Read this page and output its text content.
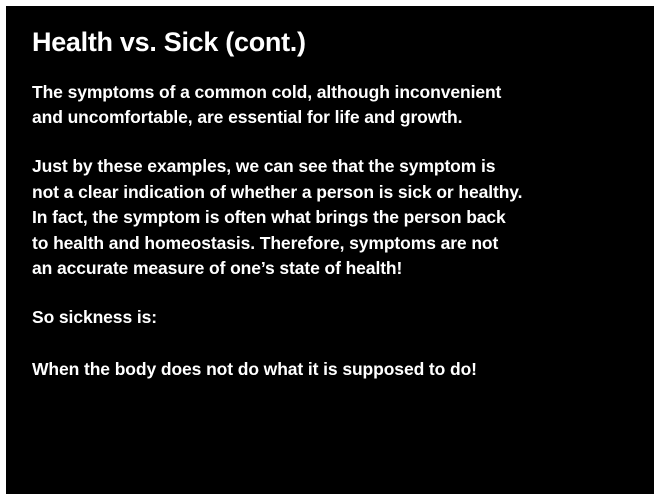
Health vs. Sick (cont.)

The symptoms of a common cold, although inconvenient

and uncomfortable, are essential for life and growth.

Just by these examples, we can see that the symptom is

not a clear indication of whether a person is sick or healthy.

In fact, the symptom is often what brings the person back

to health and homeostasis. Therefore, symptoms are not

an accurate measure of one’s state of health!

So sickness is:

When the body does not do what it is supposed to do!
